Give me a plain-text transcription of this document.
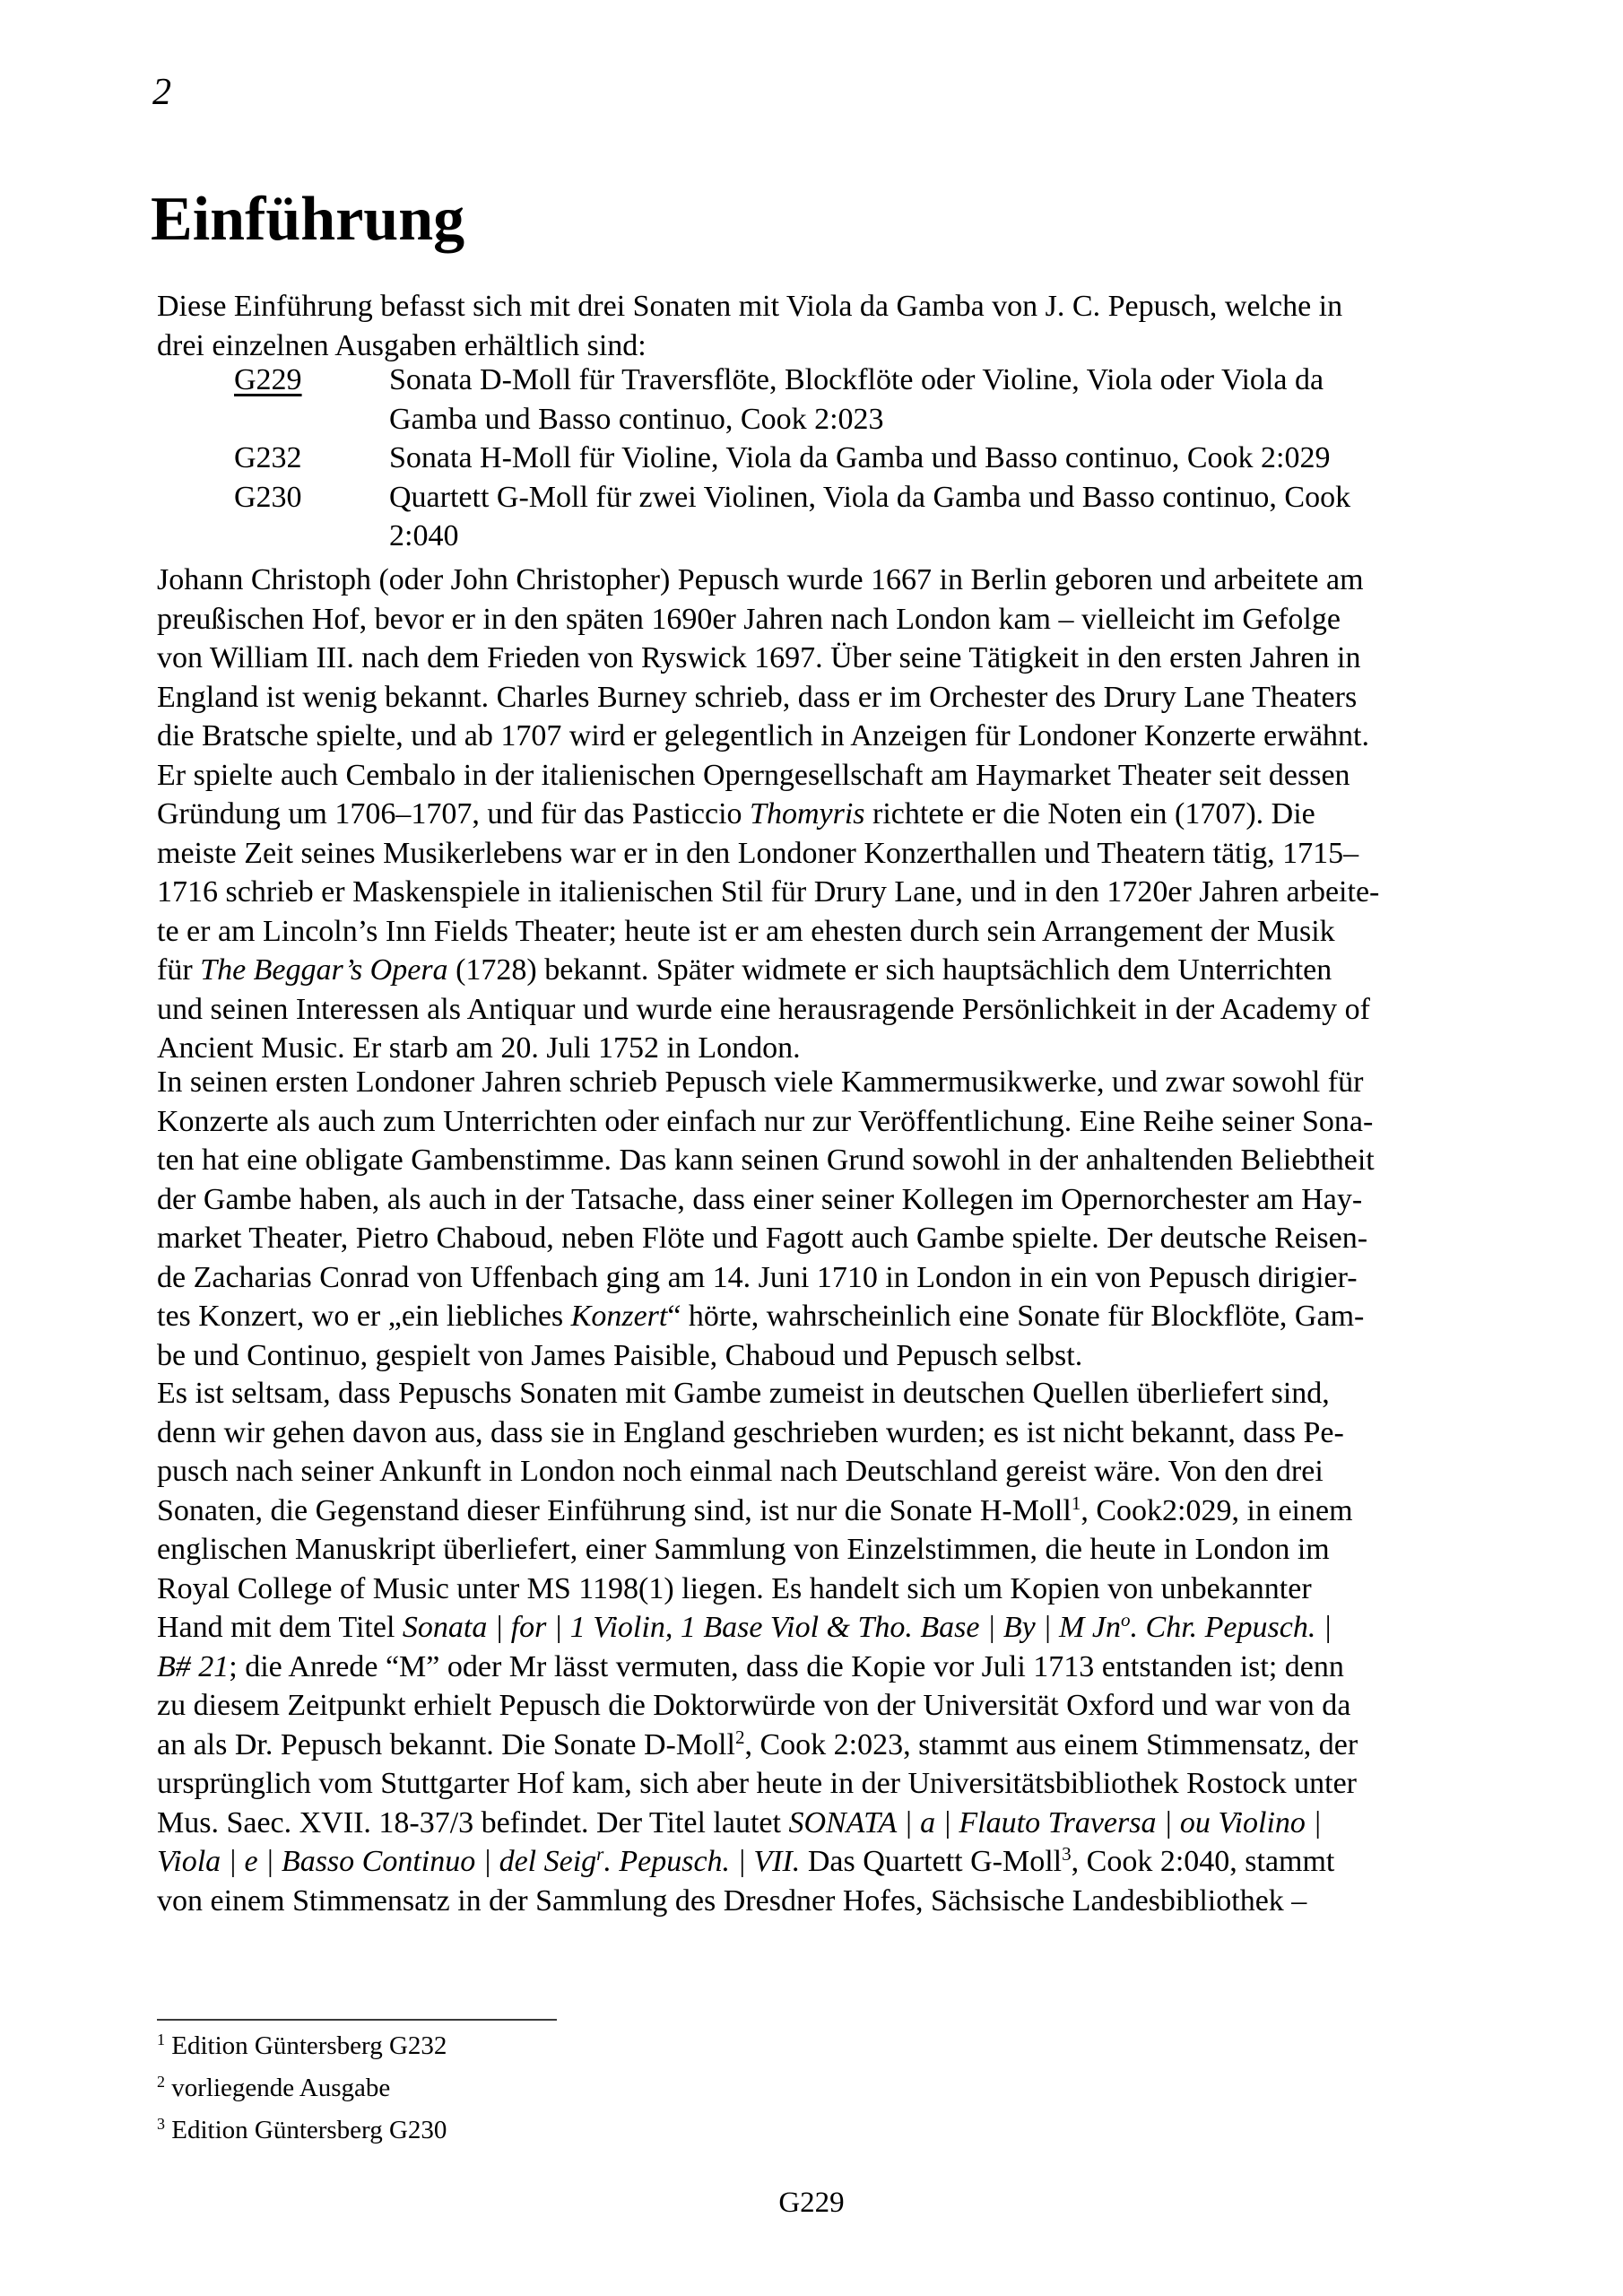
2
Einführung
Diese Einführung befasst sich mit drei Sonaten mit Viola da Gamba von J. C. Pepusch, welche in
drei einzelnen Ausgaben erhältlich sind:
G229	Sonata D-Moll für Traversflöte, Blockflöte oder Violine, Viola oder Viola da
Gamba und Basso continuo, Cook 2:023
G232	Sonata H-Moll für Violine, Viola da Gamba und Basso continuo, Cook 2:029
G230	Quartett G-Moll für zwei Violinen, Viola da Gamba und Basso continuo, Cook
2:040
Johann Christoph (oder John Christopher) Pepusch wurde 1667 in Berlin geboren und arbeitete am
preußischen Hof, bevor er in den späten 1690er Jahren nach London kam – vielleicht im Gefolge
von William III. nach dem Frieden von Ryswick 1697. Über seine Tätigkeit in den ersten Jahren in
England ist wenig bekannt. Charles Burney schrieb, dass er im Orchester des Drury Lane Theaters
die Bratsche spielte, und ab 1707 wird er gelegentlich in Anzeigen für Londoner Konzerte erwähnt.
Er spielte auch Cembalo in der italienischen Operngesellschaft am Haymarket Theater seit dessen
Gründung um 1706–1707, und für das Pasticcio Thomyris richtete er die Noten ein (1707). Die
meiste Zeit seines Musikerlebens war er in den Londoner Konzerthallen und Theatern tätig, 1715–
1716 schrieb er Maskenspiele in italienischen Stil für Drury Lane, und in den 1720er Jahren arbeite-
te er am Lincoln’s Inn Fields Theater; heute ist er am ehesten durch sein Arrangement der Musik
für The Beggar’s Opera (1728) bekannt. Später widmete er sich hauptsächlich dem Unterrichten
und seinen Interessen als Antiquar und wurde eine herausragende Persönlichkeit in der Academy of
Ancient Music. Er starb am 20. Juli 1752 in London.
In seinen ersten Londoner Jahren schrieb Pepusch viele Kammermusikwerke, und zwar sowohl für
Konzerte als auch zum Unterrichten oder einfach nur zur Veröffentlichung. Eine Reihe seiner Sona-
ten hat eine obligate Gambenstimme. Das kann seinen Grund sowohl in der anhaltenden Beliebtheit
der Gambe haben, als auch in der Tatsache, dass einer seiner Kollegen im Opernorchester am Hay-
market Theater, Pietro Chaboud, neben Flöte und Fagott auch Gambe spielte. Der deutsche Reisen-
de Zacharias Conrad von Uffenbach ging am 14. Juni 1710 in London in ein von Pepusch dirigier-
tes Konzert, wo er „ein liebliches Konzert“ hörte, wahrscheinlich eine Sonate für Blockflöte, Gam-
be und Continuo, gespielt von James Paisible, Chaboud und Pepusch selbst.
Es ist seltsam, dass Pepuschs Sonaten mit Gambe zumeist in deutschen Quellen überliefert sind,
denn wir gehen davon aus, dass sie in England geschrieben wurden; es ist nicht bekannt, dass Pe-
pusch nach seiner Ankunft in London noch einmal nach Deutschland gereist wäre. Von den drei
Sonaten, die Gegenstand dieser Einführung sind, ist nur die Sonate H-Moll$^1$, Cook2:029, in einem
englischen Manuskript überliefert, einer Sammlung von Einzelstimmen, die heute in London im
Royal College of Music unter MS 1198(1) liegen. Es handelt sich um Kopien von unbekannter
Hand mit dem Titel Sonata | for | 1 Violin, 1 Base Viol & Tho. Base | By | M Jn$^o$. Chr. Pepusch. |
B# 21; die Anrede “M” oder Mr lässt vermuten, dass die Kopie vor Juli 1713 entstanden ist; denn
zu diesem Zeitpunkt erhielt Pepusch die Doktorwürde von der Universität Oxford und war von da
an als Dr. Pepusch bekannt. Die Sonate D-Moll$^2$, Cook 2:023, stammt aus einem Stimmensatz, der
ursprünglich vom Stuttgarter Hof kam, sich aber heute in der Universitätsbibliothek Rostock unter
Mus. Saec. XVII. 18-37/3 befindet. Der Titel lautet SONATA | a | Flauto Traversa | ou Violino |
Viola | e | Basso Continuo | del Seig$^r$. Pepusch. | VII. Das Quartett G-Moll$^3$, Cook 2:040, stammt
von einem Stimmensatz in der Sammlung des Dresdner Hofes, Sächsische Landesbibliothek –
$^1$ Edition Güntersberg G232
$^2$ vorliegende Ausgabe
$^3$ Edition Güntersberg G230
G229
